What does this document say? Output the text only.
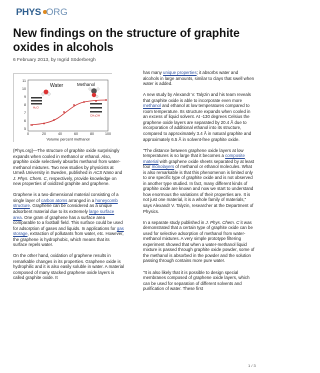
PHYS ORG
New findings on the structure of graphite oxides in alcohols
6 February 2013, by Ingrid Söderbergh
11
10
9
8
7
6
5
0	20	40	60	80	100
Volume percent methanol
Water	Methanol
H₂O
CH₃OH

(Phys.org)—The structure of graphite oxide surprisingly expands when cooled in methanol or ethanol. Also, graphite oxide selectively absorbs methanol from water-methanol mixtures. Two new studies by physicists at Umeå University in Sweden, published in ACS Nano and J. Phys. Chem. C, respectively, provide knowledge on new properties of oxidized graphite and graphene.

Graphene is a two-dimensional material consisting of a single layer of carbon atoms arranged in a honeycomb structure. Graphene can be considered as a unique adsorbent material due to its extremely large surface area. One gram of graphene has a surface area comparable to a football field. This surface could be used for adsorption of gases and liquids. In applications for gas storage, extraction of pollutants from water, etc. However, the graphene is hydrophobic, which means that its surface repels water.

On the other hand, oxidation of graphene results in remarkable changes in its properties. Graphene oxide is hydrophilic and it is also easily soluble in water. A material composed of many stacked graphene oxide layers is called graphite oxide. It

has many unique properties; it absorbs water and alcohols in large amounts, similar to clays that swell when water is added.

A new study by Alexandr V. Talyzin and his team reveals that graphite oxide is able to incorporate even more methanol and ethanol at low temperatures compared to room temperature. Its structure expands when cooled in an excess of liquid solvent. At -130 degrees Celsius the graphene oxide layers are separated by 20.4 Å due to incorporation of additional ethanol into its structure, compared to approximately 3.4 Å in natural graphite and approximately 6.5 Å in solvent-free graphite oxide.

"The distance between graphene oxide layers at low temperatures is so large that it becomes a composite material with graphene oxide sheets separated by at least four monolayers of methanol or ethanol molecules. What is also remarkable is that this phenomenon is limited only to one specific type of graphite oxide and is not observed in another type studied. In fact, many different kinds of graphite oxide are known and now we start to understand how enormous the variations of their properties are. It is not just one material, it is a whole family of materials," says Alexandr V. Talyzin, researcher at the Department of Physics.

In a separate study published in J. Phys. Chem. C it was demonstrated that a certain type of graphite oxide can be used for selective adsorption of methanol from water-methanol mixtures. A very simple prototype filtering experiment showed that when a water-methanol liquid mixture is passed through graphite oxide powder, some of the methanol is absorbed in the powder and the solution passing through contains more pure water.

"It is also likely that it is possible to design special membranes composed of graphene oxide layers, which can be used for separation of different solvents and purification of water. These first

1 / 3
